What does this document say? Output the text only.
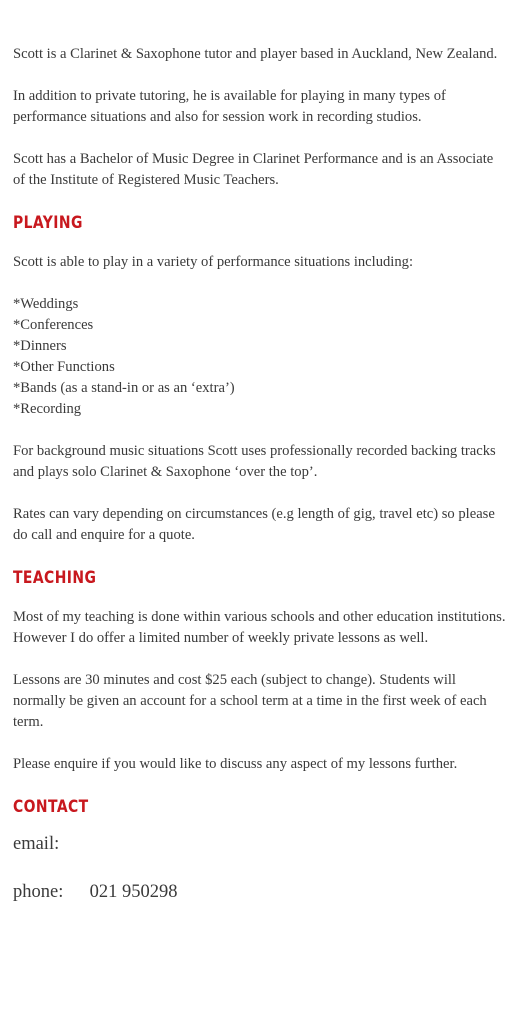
Scott is a Clarinet & Saxophone tutor and player based in Auckland, New Zealand.

In addition to private tutoring, he is available for playing in many types of performance situations and also for session work in recording studios.

Scott has a Bachelor of Music Degree in Clarinet Performance and is an Associate of the Institute of Registered Music Teachers.

PLAYING

Scott is able to play in a variety of performance situations including:

*Weddings
*Conferences
*Dinners
*Other Functions
*Bands (as a stand-in or as an ‘extra’)
*Recording

For background music situations Scott uses professionally recorded backing tracks and plays solo Clarinet & Saxophone ‘over the top’.

Rates can vary depending on circumstances (e.g length of gig, travel etc) so please do call and enquire for a quote.

TEACHING

Most of my teaching is done within various schools and other education institutions. However I do offer a limited number of weekly private lessons as well.

Lessons are 30 minutes and cost $25 each (subject to change). Students will normally be given an account for a school term at a time in the first week of each term.

Please enquire if you would like to discuss any aspect of my lessons further.

CONTACT

email:

phone: 021 950298
